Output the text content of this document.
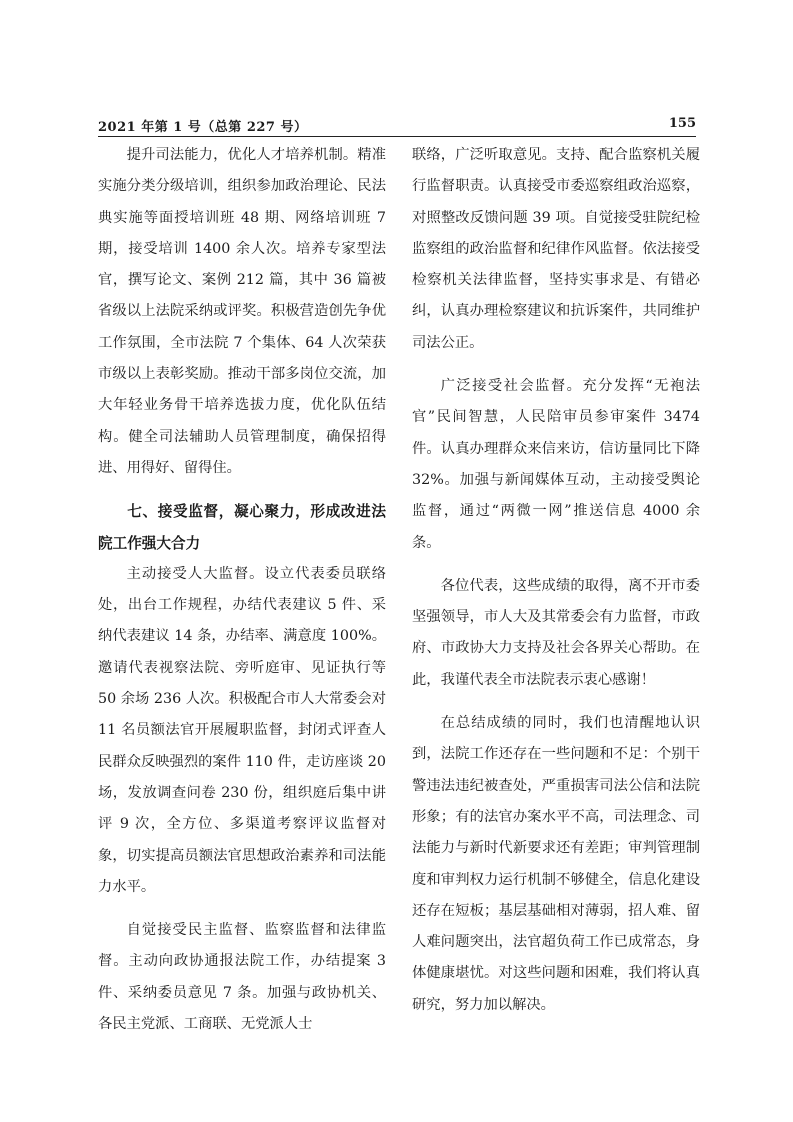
2021 年第 1 号（总第 227 号）	155

提升司法能力，优化人才培养机制。精准实施分类分级培训，组织参加政治理论、民法典实施等面授培训班 48 期、网络培训班 7 期，接受培训 1400 余人次。培养专家型法官，撰写论文、案例 212 篇，其中 36 篇被省级以上法院采纳或评奖。积极营造创先争优工作氛围，全市法院 7 个集体、64 人次荣获市级以上表彰奖励。推动干部多岗位交流，加大年轻业务骨干培养选拔力度，优化队伍结构。健全司法辅助人员管理制度，确保招得进、用得好、留得住。

七、接受监督，凝心聚力，形成改进法院工作强大合力

主动接受人大监督。设立代表委员联络处，出台工作规程，办结代表建议 5 件、采纳代表建议 14 条，办结率、满意度 100%。邀请代表视察法院、旁听庭审、见证执行等 50 余场 236 人次。积极配合市人大常委会对 11 名员额法官开展履职监督，封闭式评查人民群众反映强烈的案件 110 件，走访座谈 20 场，发放调查问卷 230 份，组织庭后集中讲评 9 次，全方位、多渠道考察评议监督对象，切实提高员额法官思想政治素养和司法能力水平。

自觉接受民主监督、监察监督和法律监督。主动向政协通报法院工作，办结提案 3 件、采纳委员意见 7 条。加强与政协机关、各民主党派、工商联、无党派人士

联络，广泛听取意见。支持、配合监察机关履行监督职责。认真接受市委巡察组政治巡察，对照整改反馈问题 39 项。自觉接受驻院纪检监察组的政治监督和纪律作风监督。依法接受检察机关法律监督，坚持实事求是、有错必纠，认真办理检察建议和抗诉案件，共同维护司法公正。

广泛接受社会监督。充分发挥“无袍法官”民间智慧，人民陪审员参审案件 3474 件。认真办理群众来信来访，信访量同比下降 32%。加强与新闻媒体互动，主动接受舆论监督，通过“两微一网”推送信息 4000 余条。

各位代表，这些成绩的取得，离不开市委坚强领导，市人大及其常委会有力监督，市政府、市政协大力支持及社会各界关心帮助。在此，我谨代表全市法院表示衷心感谢！

在总结成绩的同时，我们也清醒地认识到，法院工作还存在一些问题和不足：个别干警违法违纪被查处，严重损害司法公信和法院形象；有的法官办案水平不高，司法理念、司法能力与新时代新要求还有差距；审判管理制度和审判权力运行机制不够健全，信息化建设还存在短板；基层基础相对薄弱，招人难、留人难问题突出，法官超负荷工作已成常态，身体健康堪忧。对这些问题和困难，我们将认真研究，努力加以解决。
